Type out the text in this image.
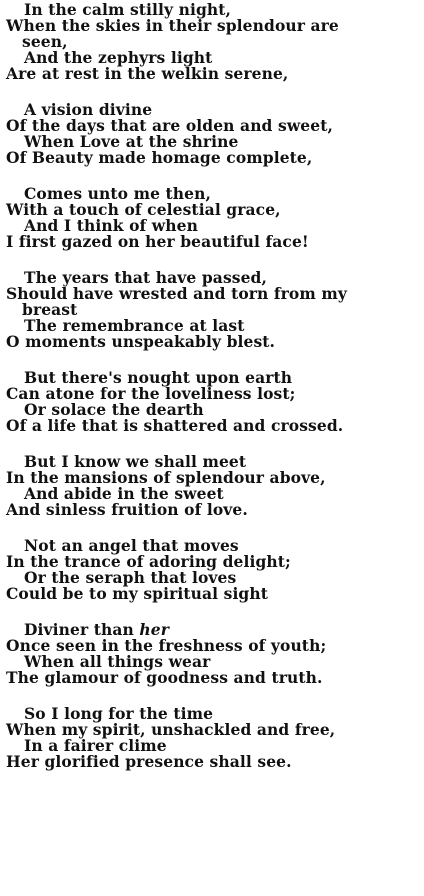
In the calm stilly night,
When the skies in their splendour are
seen,
And the zephyrs light
Are at rest in the welkin serene,
A vision divine
Of the days that are olden and sweet,
When Love at the shrine
Of Beauty made homage complete,
Comes unto me then,
With a touch of celestial grace,
And I think of when
I first gazed on her beautiful face!
The years that have passed,
Should have wrested and torn from my
breast
The remembrance at last
O moments unspeakably blest.
But there's nought upon earth
Can atone for the loveliness lost;
Or solace the dearth
Of a life that is shattered and crossed.
But I know we shall meet
In the mansions of splendour above,
And abide in the sweet
And sinless fruition of love.
Not an angel that moves
In the trance of adoring delight;
Or the seraph that loves
Could be to my spiritual sight
Diviner than her
Once seen in the freshness of youth;
When all things wear
The glamour of goodness and truth.
So I long for the time
When my spirit, unshackled and free,
In a fairer clime
Her glorified presence shall see.
